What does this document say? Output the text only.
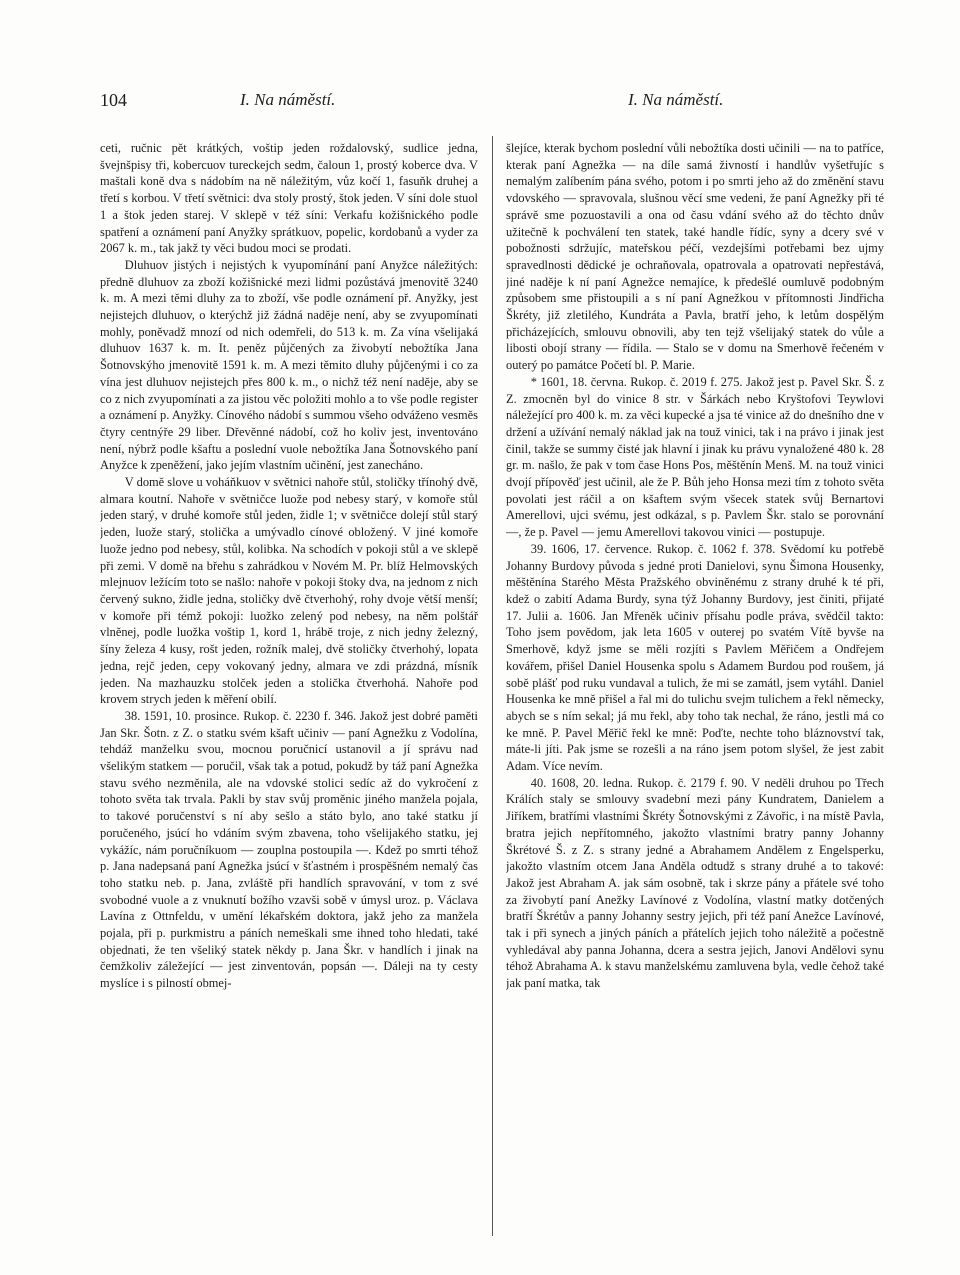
104	I. Na náměstí.	I. Na náměstí.

ceti, ručnic pět krátkých, voštip jeden roždalovský, sudlice jedna, švejnšpisy tři, kobercuov tureckejch sedm, čaloun 1, prostý koberce dva. V maštali koně dva s nádobím na ně náležitým, vůz kočí 1, fasuňk druhej a třetí s korbou. V třetí světnici: dva stoly prostý, štok jeden. V síni dole stuol 1 a štok jeden starej. V sklepě v též síni: Verkafu kožišnického podle spatření a oznámení paní Anyžky sprátkuov, popelic, kordobanů a vyder za 2067 k. m., tak jakž ty věci budou moci se prodati.

Dluhuov jistých i nejistých k vyupomínání paní Anyžce náležitých: předně dluhuov za zboží kožišnické mezi lidmi pozůstává jmenovitě 3240 k. m. A mezi těmi dluhy za to zboží, vše podle oznámení př. Anyžky, jest nejistejch dluhuov, o kterýchž již žádná naděje není, aby se zvyupomínati mohly, poněvadž mnozí od nich odemřeli, do 513 k. m. Za vína všelijaká dluhuov 1637 k. m. It. peněz půjčených za živobytí nebožtíka Jana Šotnovskýho jmenovitě 1591 k. m. A mezi těmito dluhy půjčenými i co za vína jest dluhuov nejistejch přes 800 k. m., o nichž též není naděje, aby se co z nich zvyupomínati a za jistou věc položiti mohlo a to vše podle register a oznámení p. Anyžky. Cínového nádobí s summou všeho odváženo vesměs čtyry centnýře 29 liber. Dřevěnné nádobí, což ho koliv jest, inventováno není, nýbrž podle kšaftu a poslední vuole nebožtíka Jana Šotnovského paní Anyžce k zpeněžení, jako jejím vlastním učinění, jest zanecháno.

V domě slove u voháňkuov v světnici nahoře stůl, stoličky třínohý dvě, almara koutní. Nahoře v světničce luože pod nebesy starý, v komoře stůl jeden starý, v druhé komoře stůl jeden, židle 1; v světničce dolejí stůl starý jeden, luože starý, stolička a umývadlo cínové obložený. V jiné komoře luože jedno pod nebesy, stůl, kolibka. Na schodích v pokoji stůl a ve sklepě při zemi. V domě na břehu s zahrádkou v Novém M. Pr. blíž Helmovských mlejnuov ležícím toto se našlo: nahoře v pokoji štoky dva, na jednom z nich červený suknо, židle jedna, stoličky dvě čtverhohý, rohy dvoje větší menší; v komoře při témž pokoji: luožko zelený pod nebesy, na něm polštář vlněnej, podle luožka voštip 1, kord 1, hrábě troje, z nich jedny železný, šíny železa 4 kusy, rošt jeden, rožník malej, dvě stoličky čtverhohý, lopata jedna, rejč jeden, cepy vokovaný jedny, almara ve zdi prázdná, mísník jeden. Na mazhauzku stolček jeden a stolička čtverhohá. Nahoře pod krovem strych jeden k měření obilí.

38. 1591, 10. prosince. Rukop. č. 2230 f. 346. Jakož jest dobré paměti Jan Skr. Šotn. z Z. o statku svém kšaft učiniv — paní Agnežku z Vodolína, tehdáž manželku svou, mocnou poručnicí ustanovil a jí správu nad všelikým statkem — poručil, však tak a potud, pokudž by táž paní Agnežka stavu svého nezměnila, ale na vdovské stolici sedíc až do vykročení z tohoto světa tak trvala. Pakli by stav svůj proměnic jiného manžela pojala, to takové poručenství s ní aby sešlo a státo bylo, ano také statku jí poručeného, jsúcí ho vdáním svým zbavena, toho všelijakého statku, jej vykážíc, nám poručníkuom — zouplna postoupila —. Kdež po smrti téhož p. Jana nadepsaná paní Agnežka jsúcí v šťastném i prospěšném nemalý čas toho statku neb. p. Jana, zvláště při handlích spravování, v tom z své svobodné vuole a z vnuknutí božího vzavši sobě v úmysl uroz. p. Václava Lavína z Ottnfeldu, v umění lékařském doktora, jakž jeho za manžela pojala, při p. purkmistru a páních nemeškali sme ihned toho hledati, také objednati, že ten všeliký statek někdy p. Jana Škr. v handlích i jinak na čemžkoliv záležející — jest zinventován, popsán —. Dáleji na ty cesty myslíce i s pilností obmej-

šlejíce, kterak bychom poslední vůli nebožtíka dosti učinili — na to patříce, kterak paní Agnežka — na díle samá živností i handlův vyšetřujíc s nemalým zalíbením pána svého, potom i po smrti jeho až do změnění stavu vdovského — spravovala, slušnou věcí sme vedeni, že paní Agnežky při té správě sme pozuostavili a ona od času vdání svého až do těchto dnův užitečně k pochválení ten statek, také handle řídíc, syny a dcery své v pobožnosti sdržujíc, mateřskou péčí, vezdejšími potřebami bez ujmy spravedlnosti dědické je ochraňovala, opatrovala a opatrovati nepřestává, jiné naděje k ní paní Agnežce nemajíce, k předešlé oumluvě podobným způsobem sme přistoupili a s ní paní Agnežkou v přítomnosti Jindřicha Škréty, již zletilého, Kundráta a Pavla, bratří jeho, k letům dospělým přicházejících, smlouvu obnovili, aby ten tejž všelijaký statek do vůle a libosti obojí strany — řídila. — Stalo se v domu na Smerhově řečeném v outerý po památce Početí bl. P. Marie.

* 1601, 18. června. Rukop. č. 2019 f. 275. Jakož jest p. Pavel Skr. Š. z Z. zmocněn byl do vinice 8 str. v Šárkách nebo Kryštofovi Teywlovi náležející pro 400 k. m. za věci kupecké a jsa té vinice až do dnešního dne v držení a užívání nemalý náklad jak na touž vinici, tak i na právo i jinak jest činil, takže se summy čisté jak hlavní i jinak ku právu vynaložené 480 k. 28 gr. m. našlo, že pak v tom čase Hons Pos, měštěnín Menš. M. na touž vinici dvojí přípověď jest učinil, ale že P. Bůh jeho Honsa mezi tím z tohoto světa povolati jest ráčil a on kšaftem svým všecek statek svůj Bernartovi Amerellovi, ujci svému, jest odkázal, s p. Pavlem Škr. stalo se porovnání —, že p. Pavel — jemu Amerellovi takovou vinici — postupuje.

39. 1606, 17. července. Rukop. č. 1062 f. 378. Svědomí ku potřebě Johanny Burdovy původa s jedné proti Danielovi, synu Šimona Housenky, měštěnína Starého Města Pražského obviněnému z strany druhé k té při, kdež o zabití Adama Burdy, syna týž Johanny Burdovy, jest činiti, přijaté 17. Julii a. 1606. Jan Mřeněk učiniv přísahu podle práva, svědčil takto: Toho jsem povědom, jak leta 1605 v outerej po svatém Vítě byvše na Smerhově, když jsme se měli rozjíti s Pavlem Měřičem a Ondřejem kovářem, přišel Daniel Housenka spolu s Adamem Burdou pod roušem, já sobě plášť pod ruku vundaval a tulich, že mi se zamátl, jsem vytáhl. Daniel Housenka ke mně přišel a řal mi do tulichu svejm tulichem a řekl německy, abych se s ním sekal; já mu řekl, aby toho tak nechal, že ráno, jestli má co ke mně. P. Pavel Měřič řekl ke mně: Poďte, nechte toho bláznovství tak, máte-li jíti. Pak jsme se rozešli a na ráno jsem potom slyšel, že jest zabit Adam. Více nevím.

40. 1608, 20. ledna. Rukop. č. 2179 f. 90. V neděli druhou po Třech Králích staly se smlouvy svadební mezi pány Kundratem, Danielem a Jiříkem, bratřími vlastními Škréty Šotnovskými z Závořic, i na místě Pavla, bratra jejich nepřítomného, jakožto vlastními bratry panny Johanny Škrétové Š. z Z. s strany jedné a Abrahamem Andělem z Engelsperku, jakožto vlastním otcem Jana Anděla odtudž s strany druhé a to takové: Jakož jest Abraham A. jak sám osobně, tak i skrze pány a přátele své toho za živobytí paní Anežky Lavínové z Vodolína, vlastní matky dotčených bratří Škrétův a panny Johanny sestry jejich, při též paní Anežce Lavínové, tak i při synech a jiných páních a přátelích jejich toho náležitě a počestně vyhledával aby panna Johanna, dcera a sestra jejich, Janovi Andělovi synu téhož Abrahama A. k stavu manželskému zamluvena byla, vedle čehož také jak paní matka, tak
